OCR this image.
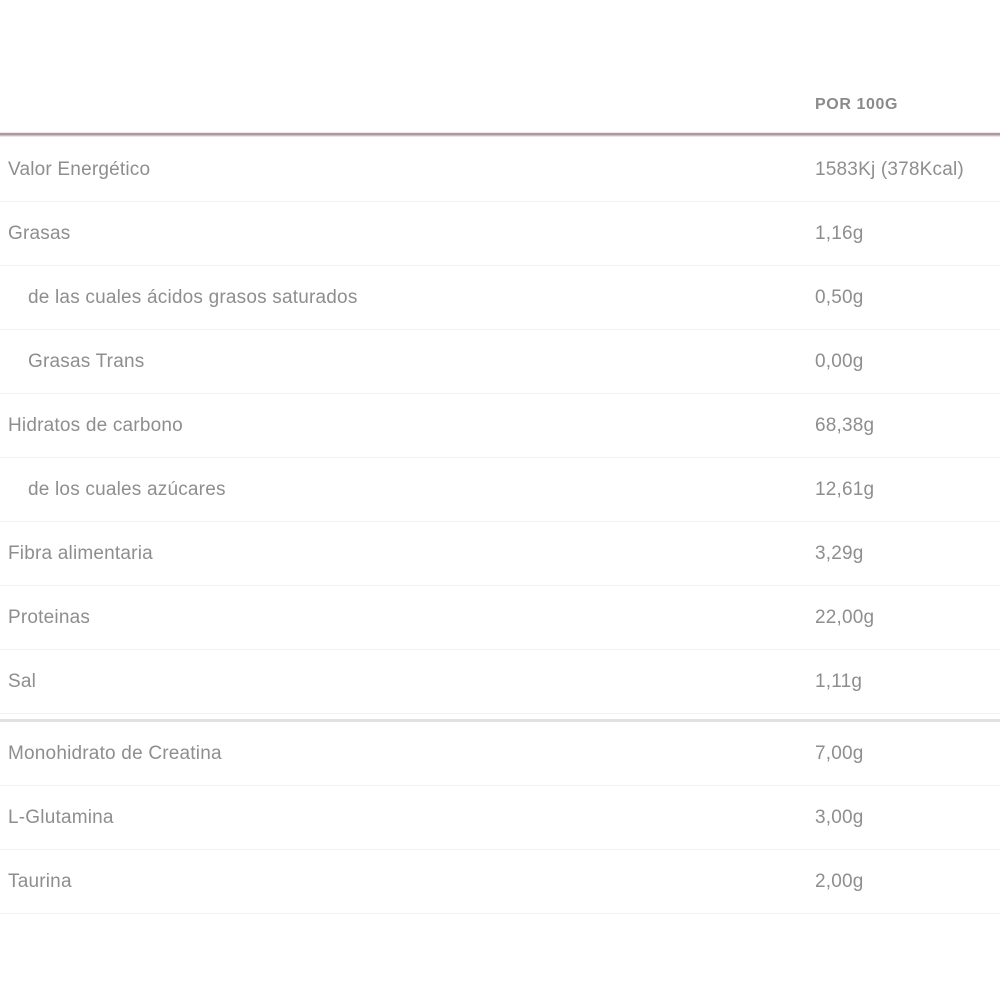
POR 100G
Valor Energético	1583Kj (378Kcal)
Grasas	1,16g
de las cuales ácidos grasos saturados	0,50g
Grasas Trans	0,00g
Hidratos de carbono	68,38g
de los cuales azúcares	12,61g
Fibra alimentaria	3,29g
Proteinas	22,00g
Sal	1,11g
Monohidrato de Creatina	7,00g
L-Glutamina	3,00g
Taurina	2,00g
